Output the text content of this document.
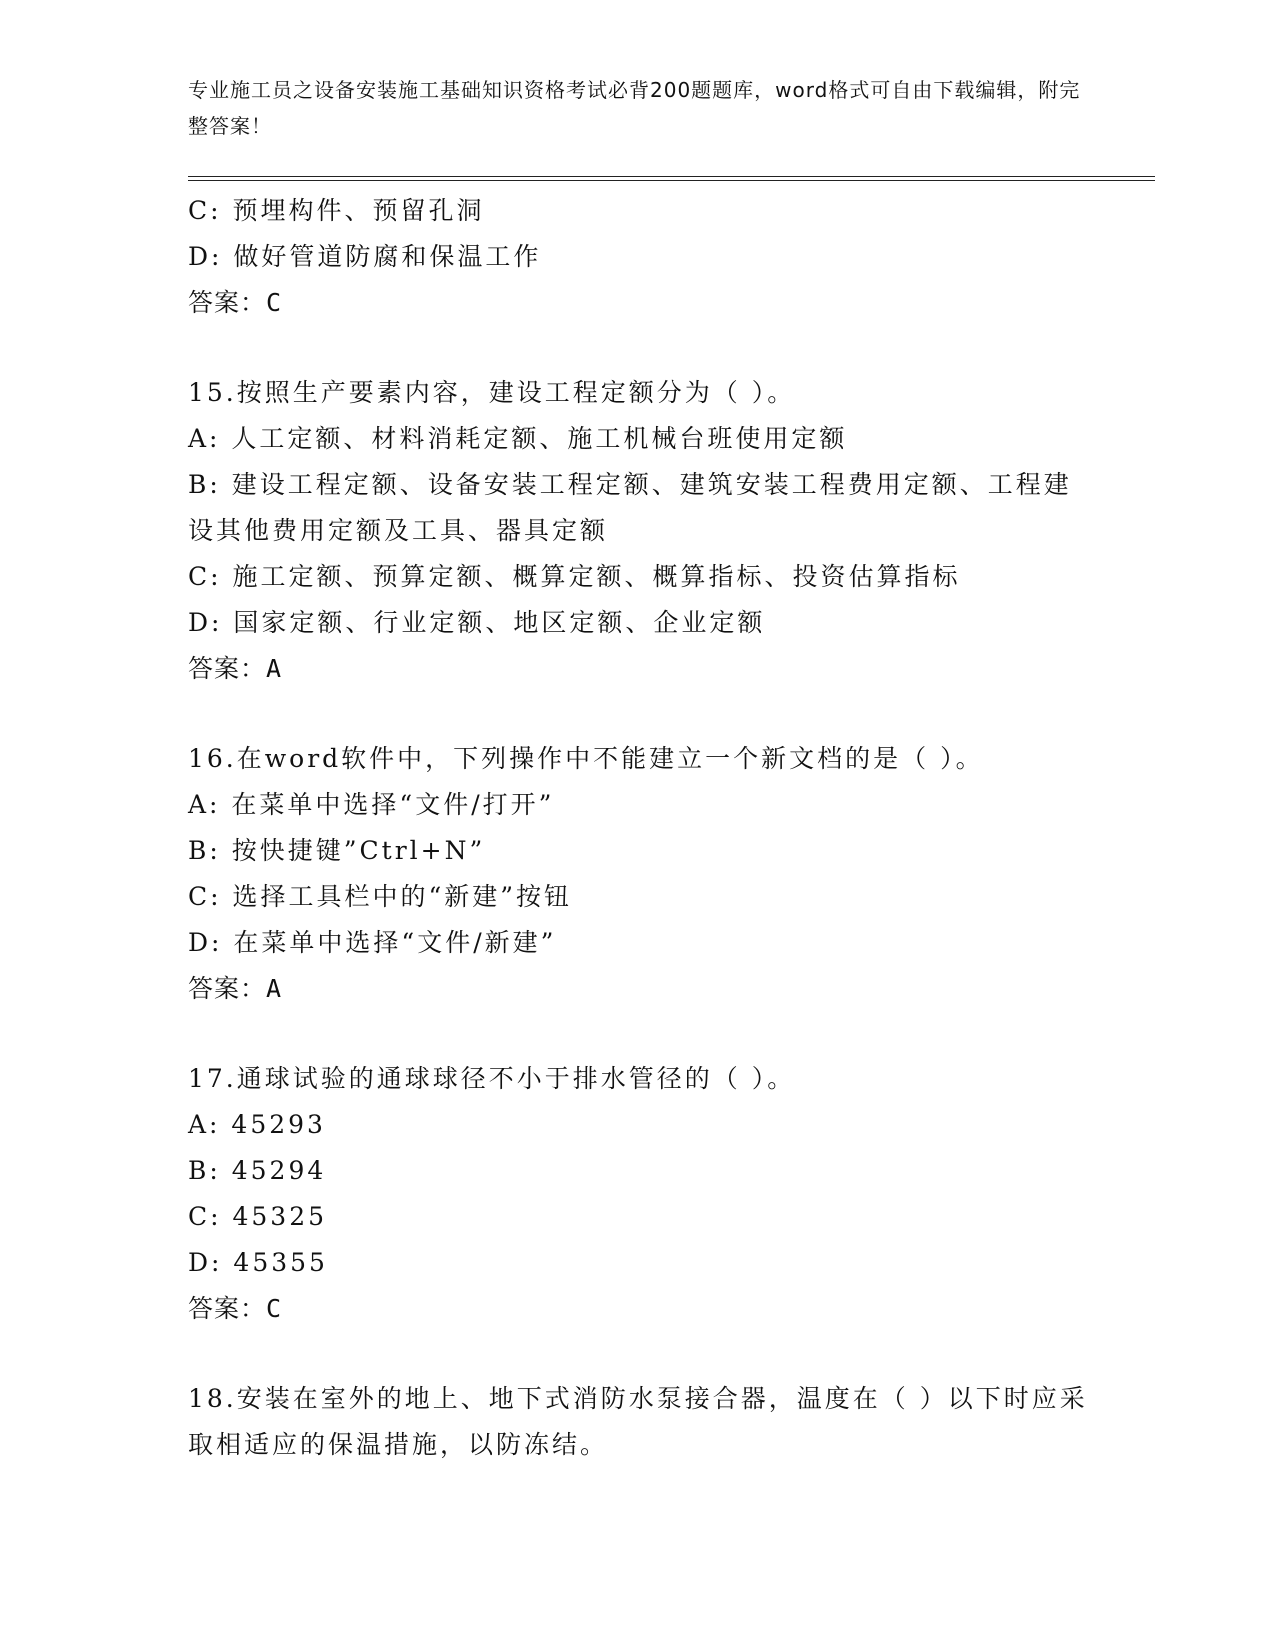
专业施工员之设备安装施工基础知识资格考试必背200题题库，word格式可自由下载编辑，附完整答案！
C: 预埋构件、预留孔洞
D: 做好管道防腐和保温工作
答案：C
15.按照生产要素内容，建设工程定额分为（ ）。
A: 人工定额、材料消耗定额、施工机械台班使用定额
B: 建设工程定额、设备安装工程定额、建筑安装工程费用定额、工程建设其他费用定额及工具、器具定额
C: 施工定额、预算定额、概算定额、概算指标、投资估算指标
D: 国家定额、行业定额、地区定额、企业定额
答案：A
16.在word软件中，下列操作中不能建立一个新文档的是（ ）。
A: 在菜单中选择“文件/打开”
B: 按快捷键”Ctrl+N”
C: 选择工具栏中的“新建”按钮
D: 在菜单中选择“文件/新建”
答案：A
17.通球试验的通球球径不小于排水管径的（ ）。
A: 45293
B: 45294
C: 45325
D: 45355
答案：C
18.安装在室外的地上、地下式消防水泵接合器，温度在（ ）以下时应采取相适应的保温措施，以防冻结。
